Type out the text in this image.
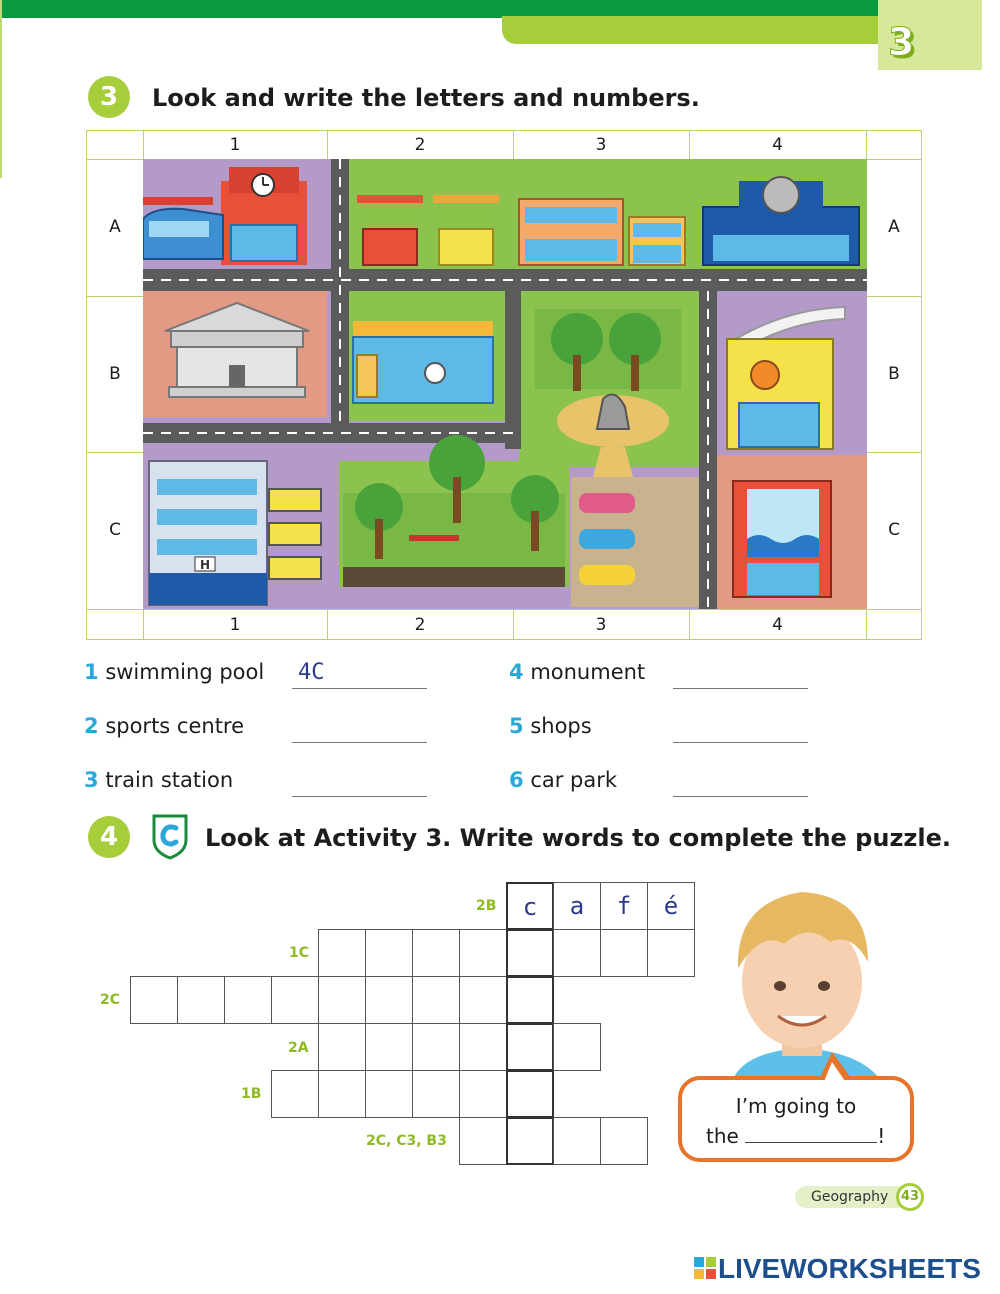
3
3	Look and write the letters and numbers.
1	2	3	4
1	2	3	4
A
B
C
A
B
C
H
1 swimming pool 4C
2 sports centre
3 train station
4 monument
5 shops
6 car park
4	Look at Activity 3. Write words to complete the puzzle.
2B
1C
2C
2A
1B
2C, C3, B3
c	a	f	é
I’m going to
the	!
Geography 43
LIVEWORKSHEETS
